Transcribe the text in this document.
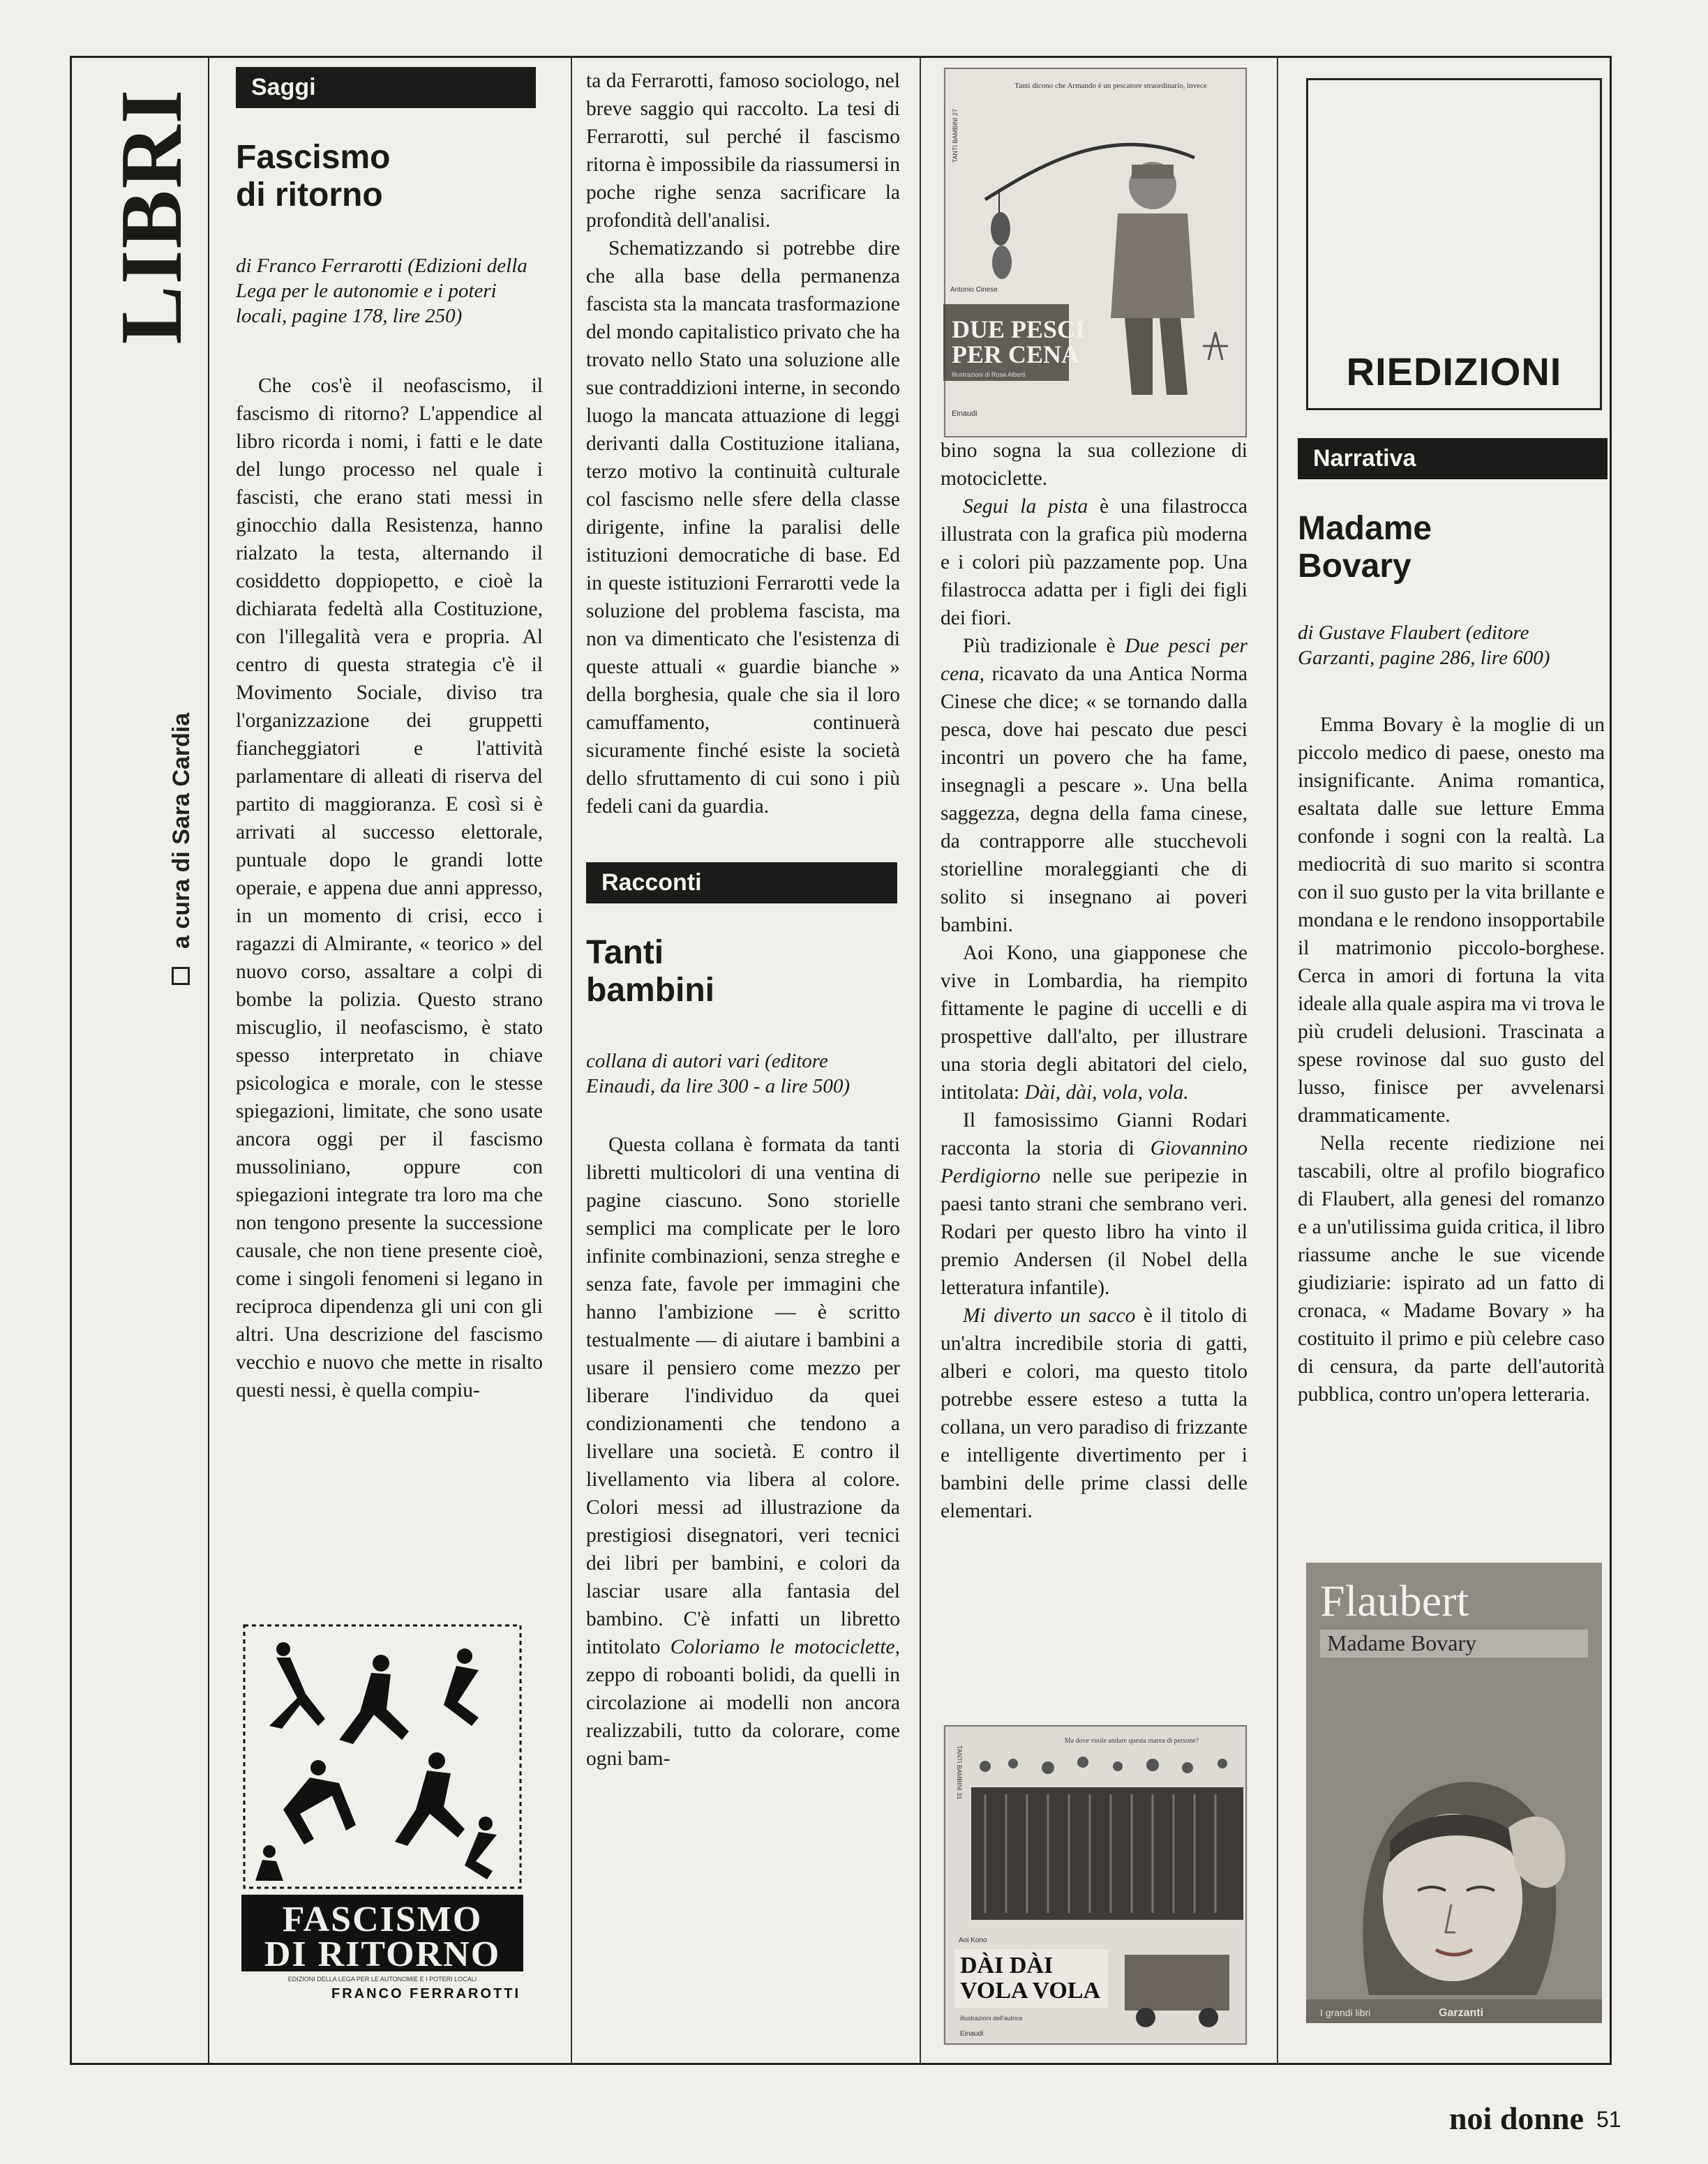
LIBRI
a cura di Sara Cardia
Saggi
Fascismo
di ritorno
di Franco Ferrarotti (Edizioni della Lega per le autonomie e i poteri locali, pagine 178, lire 250)

Che cos'è il neofascismo, il fascismo di ritorno? L'appendice al libro ricorda i nomi, i fatti e le date del lungo processo nel quale i fascisti, che erano stati messi in ginocchio dalla Resistenza, hanno rialzato la testa, alternando il cosiddetto doppiopetto, e cioè la dichiarata fedeltà alla Costituzione, con l'illegalità vera e propria. Al centro di questa strategia c'è il Movimento Sociale, diviso tra l'organizzazione dei gruppetti fiancheggiatori e l'attività parlamentare di alleati di riserva del partito di maggioranza. E così si è arrivati al successo elettorale, puntuale dopo le grandi lotte operaie, e appena due anni appresso, in un momento di crisi, ecco i ragazzi di Almirante, « teorico » del nuovo corso, assaltare a colpi di bombe la polizia. Questo strano miscuglio, il neofascismo, è stato spesso interpretato in chiave psicologica e morale, con le stesse spiegazioni, limitate, che sono usate ancora oggi per il fascismo mussoliniano, oppure con spiegazioni integrate tra loro ma che non tengono presente la successione causale, che non tiene presente cioè, come i singoli fenomeni si legano in reciproca dipendenza gli uni con gli altri. Una descrizione del fascismo vecchio e nuovo che mette in risalto questi nessi, è quella compiu-

FASCISMO
DI RITORNO
EDIZIONI DELLA LEGA PER LE AUTONOMIE E I POTERI LOCALI
FRANCO FERRAROTTI

ta da Ferrarotti, famoso sociologo, nel breve saggio qui raccolto. La tesi di Ferrarotti, sul perché il fascismo ritorna è impossibile da riassumersi in poche righe senza sacrificare la profondità dell'analisi.

Schematizzando si potrebbe dire che alla base della permanenza fascista sta la mancata trasformazione del mondo capitalistico privato che ha trovato nello Stato una soluzione alle sue contraddizioni interne, in secondo luogo la mancata attuazione di leggi derivanti dalla Costituzione italiana, terzo motivo la continuità culturale col fascismo nelle sfere della classe dirigente, infine la paralisi delle istituzioni democratiche di base. Ed in queste istituzioni Ferrarotti vede la soluzione del problema fascista, ma non va dimenticato che l'esistenza di queste attuali « guardie bianche » della borghesia, quale che sia il loro camuffamento, continuerà sicuramente finché esiste la società dello sfruttamento di cui sono i più fedeli cani da guardia.

Racconti
Tanti
bambini
collana di autori vari (editore Einaudi, da lire 300 - a lire 500)

Questa collana è formata da tanti libretti multicolori di una ventina di pagine ciascuno. Sono storielle semplici ma complicate per le loro infinite combinazioni, senza streghe e senza fate, favole per immagini che hanno l'ambizione — è scritto testualmente — di aiutare i bambini a usare il pensiero come mezzo per liberare l'individuo da quei condizionamenti che tendono a livellare una società. E contro il livellamento via libera al colore. Colori messi ad illustrazione da prestigiosi disegnatori, veri tecnici dei libri per bambini, e colori da lasciar usare alla fantasia del bambino. C'è infatti un libretto intitolato Coloriamo le motociclette, zeppo di roboanti bolidi, da quelli in circolazione ai modelli non ancora realizzabili, tutto da colorare, come ogni bam-

Tanti dicono che Armando è un pescatore straordinario, invece
TANTI BAMBINI 27
Antonio Cinese
DUE PESCI
PER CENA
Illustrazioni di Rosa Alberti
Einaudi

bino sogna la sua collezione di motociclette.

Segui la pista è una filastrocca illustrata con la grafica più moderna e i colori più pazzamente pop. Una filastrocca adatta per i figli dei figli dei fiori.

Più tradizionale è Due pesci per cena, ricavato da una Antica Norma Cinese che dice; « se tornando dalla pesca, dove hai pescato due pesci incontri un povero che ha fame, insegnagli a pescare ». Una bella saggezza, degna della fama cinese, da contrapporre alle stucchevoli storielline moraleggianti che di solito si insegnano ai poveri bambini.

Aoi Kono, una giapponese che vive in Lombardia, ha riempito fittamente le pagine di uccelli e di prospettive dall'alto, per illustrare una storia degli abitatori del cielo, intitolata: Dài, dài, vola, vola.

Il famosissimo Gianni Rodari racconta la storia di Giovannino Perdigiorno nelle sue peripezie in paesi tanto strani che sembrano veri. Rodari per questo libro ha vinto il premio Andersen (il Nobel della letteratura infantile).

Mi diverto un sacco è il titolo di un'altra incredibile storia di gatti, alberi e colori, ma questo titolo potrebbe essere esteso a tutta la collana, un vero paradiso di frizzante e intelligente divertimento per i bambini delle prime classi delle elementari.

Ma dove vuole andare questa marea di persone?
TANTI BAMBINI 31
Aoi Kono
DÀI DÀI
VOLA VOLA
illustrazioni dell'autrice
Einaudi
RIEDIZIONI
Narrativa
Madame
Bovary
di Gustave Flaubert (editore Garzanti, pagine 286, lire 600)

Emma Bovary è la moglie di un piccolo medico di paese, onesto ma insignificante. Anima romantica, esaltata dalle sue letture Emma confonde i sogni con la realtà. La mediocrità di suo marito si scontra con il suo gusto per la vita brillante e mondana e le rendono insopportabile il matrimonio piccolo-borghese. Cerca in amori di fortuna la vita ideale alla quale aspira ma vi trova le più crudeli delusioni. Trascinata a spese rovinose dal suo gusto del lusso, finisce per avvelenarsi drammaticamente.

Nella recente riedizione nei tascabili, oltre al profilo biografico di Flaubert, alla genesi del romanzo e a un'utilissima guida critica, il libro riassume anche le sue vicende giudiziarie: ispirato ad un fatto di cronaca, « Madame Bovary » ha costituito il primo e più celebre caso di censura, da parte dell'autorità pubblica, contro un'opera letteraria.

Flaubert
Madame Bovary
I grandi libri	Garzanti
noi donne 51
